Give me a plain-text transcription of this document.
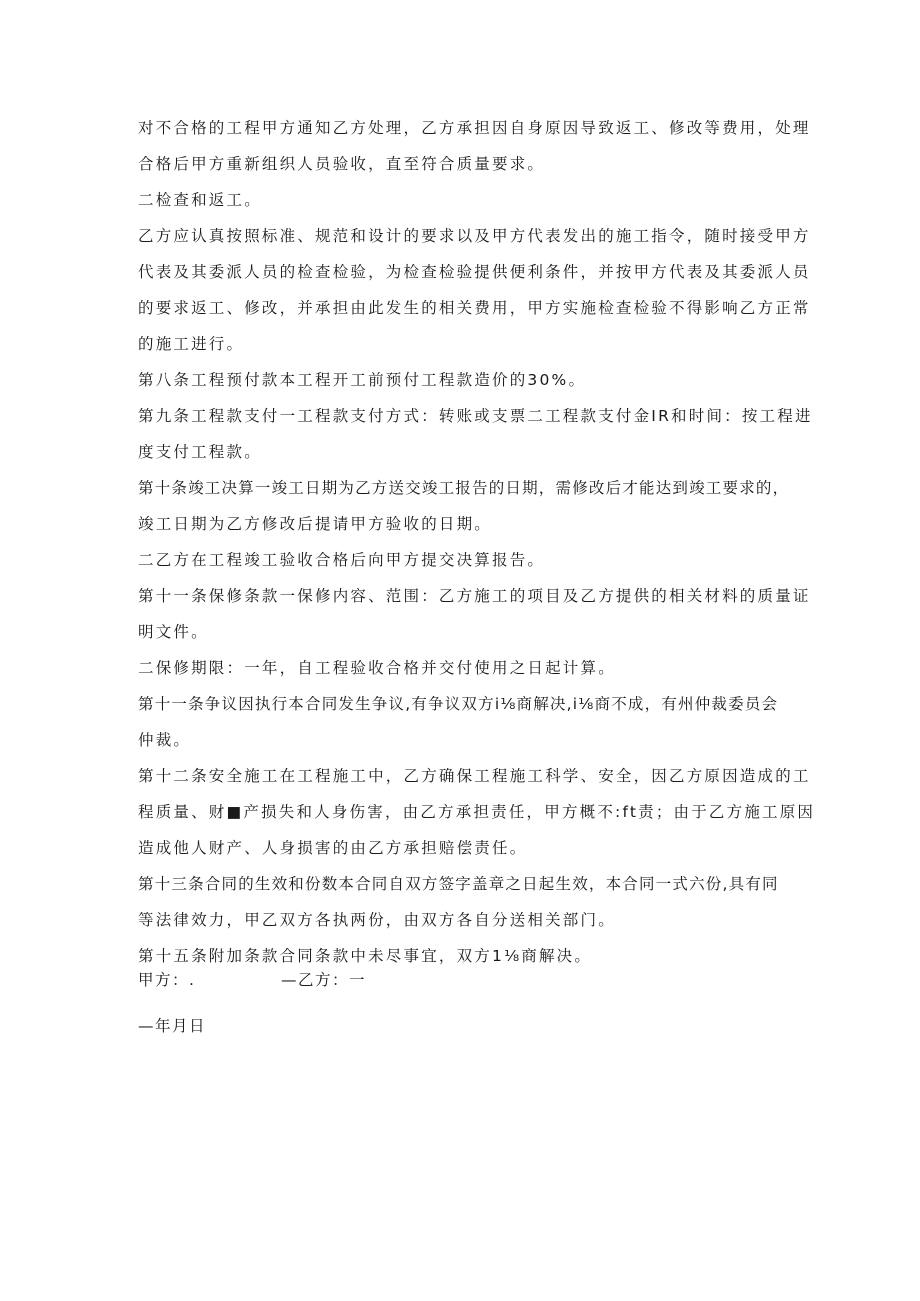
对不合格的工程甲方通知乙方处理，乙方承担因自身原因导致返工、修改等费用，处理
合格后甲方重新组织人员验收，直至符合质量要求。
二检查和返工。
乙方应认真按照标准、规范和设计的要求以及甲方代表发出的施工指令，随时接受甲方
代表及其委派人员的检查检验，为检查检验提供便利条件，并按甲方代表及其委派人员
的要求返工、修改，并承担由此发生的相关费用，甲方实施检查检验不得影响乙方正常
的施工进行。
第八条工程预付款本工程开工前预付工程款造价的30%。
第九条工程款支付一工程款支付方式：转账或支票二工程款支付金IR和时间：按工程进
度支付工程款。
第十条竣工决算一竣工日期为乙方送交竣工报告的日期，需修改后才能达到竣工要求的，
竣工日期为乙方修改后提请甲方验收的日期。
二乙方在工程竣工验收合格后向甲方提交决算报告。
第十一条保修条款一保修内容、范围：乙方施工的项目及乙方提供的相关材料的质量证
明文件。
二保修期限：一年，自工程验收合格并交付使用之日起计算。
第十一条争议因执行本合同发生争议,有争议双方i⅛商解决,i⅛商不成，有州仲裁委员会
仲裁。
第十二条安全施工在工程施工中，乙方确保工程施工科学、安全，因乙方原因造成的工
程质量、财■产损失和人身伤害，由乙方承担责任，甲方概不:ft责；由于乙方施工原因
造成他人财产、人身损害的由乙方承担赔偿责任。
第十三条合同的生效和份数本合同自双方签字盖章之日起生效，本合同一式六份,具有同
等法律效力，甲乙双方各执两份，由双方各自分送相关部门。
第十五条附加条款合同条款中未尽事宜，双方1⅛商解决。
甲方：.	—乙方：一
—年月日
